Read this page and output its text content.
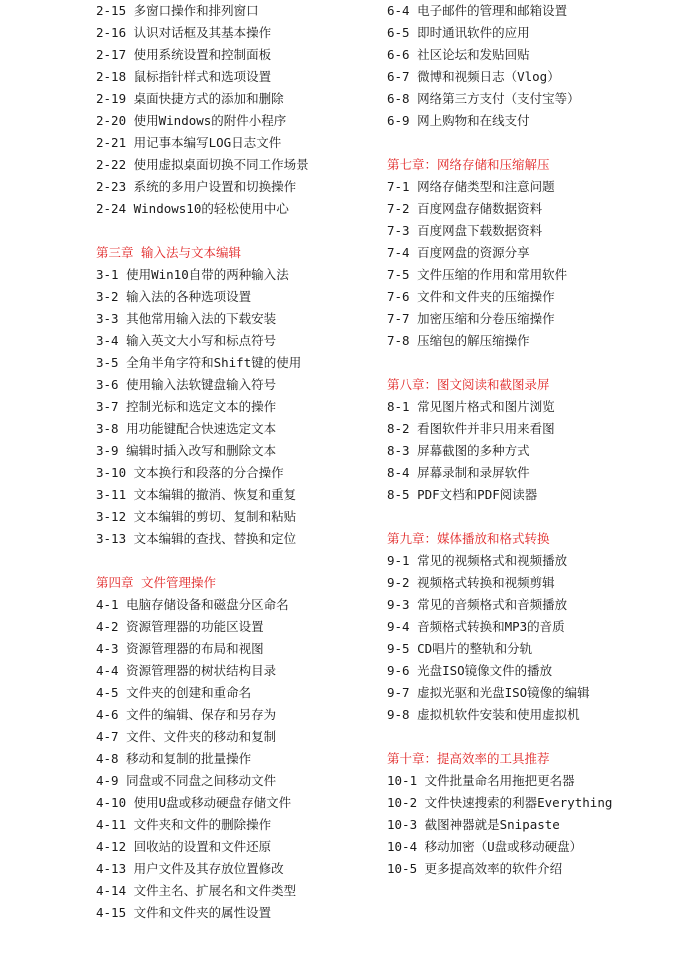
2-15 多窗口操作和排列窗口
2-16 认识对话框及其基本操作
2-17 使用系统设置和控制面板
2-18 鼠标指针样式和选项设置
2-19 桌面快捷方式的添加和删除
2-20 使用Windows的附件小程序
2-21 用记事本编写LOG日志文件
2-22 使用虚拟桌面切换不同工作场景
2-23 系统的多用户设置和切换操作
2-24 Windows10的轻松使用中心
第三章 输入法与文本编辑
3-1 使用Win10自带的两种输入法
3-2 输入法的各种选项设置
3-3 其他常用输入法的下载安装
3-4 输入英文大小写和标点符号
3-5 全角半角字符和Shift键的使用
3-6 使用输入法软键盘输入符号
3-7 控制光标和选定文本的操作
3-8 用功能键配合快速选定文本
3-9 编辑时插入改写和删除文本
3-10 文本换行和段落的分合操作
3-11 文本编辑的撤消、恢复和重复
3-12 文本编辑的剪切、复制和粘贴
3-13 文本编辑的查找、替换和定位
第四章 文件管理操作
4-1 电脑存储设备和磁盘分区命名
4-2 资源管理器的功能区设置
4-3 资源管理器的布局和视图
4-4 资源管理器的树状结构目录
4-5 文件夹的创建和重命名
4-6 文件的编辑、保存和另存为
4-7 文件、文件夹的移动和复制
4-8 移动和复制的批量操作
4-9 同盘或不同盘之间移动文件
4-10 使用U盘或移动硬盘存储文件
4-11 文件夹和文件的删除操作
4-12 回收站的设置和文件还原
4-13 用户文件及其存放位置修改
4-14 文件主名、扩展名和文件类型
4-15 文件和文件夹的属性设置
6-4 电子邮件的管理和邮箱设置
6-5 即时通讯软件的应用
6-6 社区论坛和发贴回贴
6-7 微博和视频日志（Vlog）
6-8 网络第三方支付（支付宝等）
6-9 网上购物和在线支付
第七章：网络存储和压缩解压
7-1 网络存储类型和注意问题
7-2 百度网盘存储数据资料
7-3 百度网盘下载数据资料
7-4 百度网盘的资源分享
7-5 文件压缩的作用和常用软件
7-6 文件和文件夹的压缩操作
7-7 加密压缩和分卷压缩操作
7-8 压缩包的解压缩操作
第八章：图文阅读和截图录屏
8-1 常见图片格式和图片浏览
8-2 看图软件并非只用来看图
8-3 屏幕截图的多种方式
8-4 屏幕录制和录屏软件
8-5 PDF文档和PDF阅读器
第九章：媒体播放和格式转换
9-1 常见的视频格式和视频播放
9-2 视频格式转换和视频剪辑
9-3 常见的音频格式和音频播放
9-4 音频格式转换和MP3的音质
9-5 CD唱片的整轨和分轨
9-6 光盘ISO镜像文件的播放
9-7 虚拟光驱和光盘ISO镜像的编辑
9-8 虚拟机软件安装和使用虚拟机
第十章：提高效率的工具推荐
10-1 文件批量命名用拖把更名器
10-2 文件快速搜索的利器Everything
10-3 截图神器就是Snipaste
10-4 移动加密（U盘或移动硬盘）
10-5 更多提高效率的软件介绍
